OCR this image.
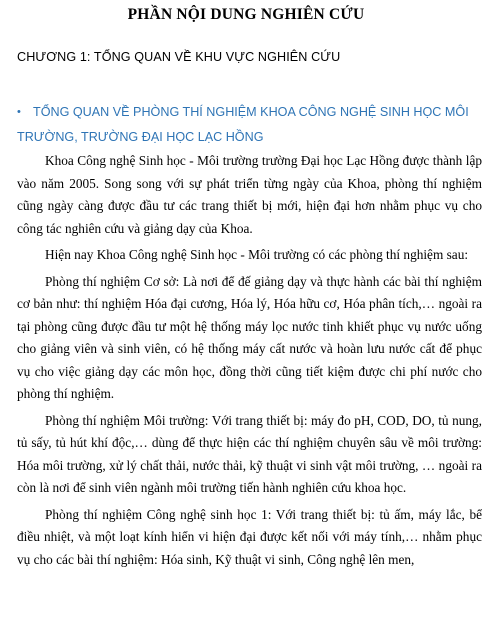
PHẦN NỘI DUNG NGHIÊN CỨU
CHƯƠNG 1: TỔNG QUAN VỀ KHU VỰC NGHIÊN CỨU
• TỔNG QUAN VỀ PHÒNG THÍ NGHIỆM KHOA CÔNG NGHỆ SINH HỌC MÔI
TRƯỜNG, TRƯỜNG ĐẠI HỌC LẠC HỒNG

Khoa Công nghệ Sinh học - Môi trường trường Đại học Lạc Hồng được thành lập vào năm 2005. Song song với sự phát triển từng ngày của Khoa, phòng thí nghiệm cũng ngày càng được đầu tư các trang thiết bị mới, hiện đại hơn nhằm phục vụ cho công tác nghiên cứu và giảng dạy của Khoa.

Hiện nay Khoa Công nghệ Sinh học - Môi trường có các phòng thí nghiệm sau:

Phòng thí nghiệm Cơ sở: Là nơi để đế giảng dạy và thực hành các bài thí nghiệm cơ bản như: thí nghiệm Hóa đại cương, Hóa lý, Hóa hữu cơ, Hóa phân tích,… ngoài ra tại phòng cũng được đầu tư một hệ thống máy lọc nước tinh khiết phục vụ nước uống cho giảng viên và sinh viên, có hệ thống máy cất nước và hoàn lưu nước cất để phục vụ cho việc giảng dạy các môn học, đồng thời cũng tiết kiệm được chi phí nước cho phòng thí nghiệm.

Phòng thí nghiệm Môi trường: Với trang thiết bị: máy đo pH, COD, DO, tủ nung, tủ sấy, tủ hút khí độc,… dùng để thực hiện các thí nghiệm chuyên sâu về môi trường: Hóa môi trường, xử lý chất thải, nước thải, kỹ thuật vi sinh vật môi trường, … ngoài ra còn là nơi để sinh viên ngành môi trường tiến hành nghiên cứu khoa học.

Phòng thí nghiệm Công nghệ sinh học 1: Với trang thiết bị: tủ ấm, máy lắc, bể điều nhiệt, và một loạt kính hiển vi hiện đại được kết nối với máy tính,… nhằm phục vụ cho các bài thí nghiệm: Hóa sinh, Kỹ thuật vi sinh, Công nghệ lên men,
